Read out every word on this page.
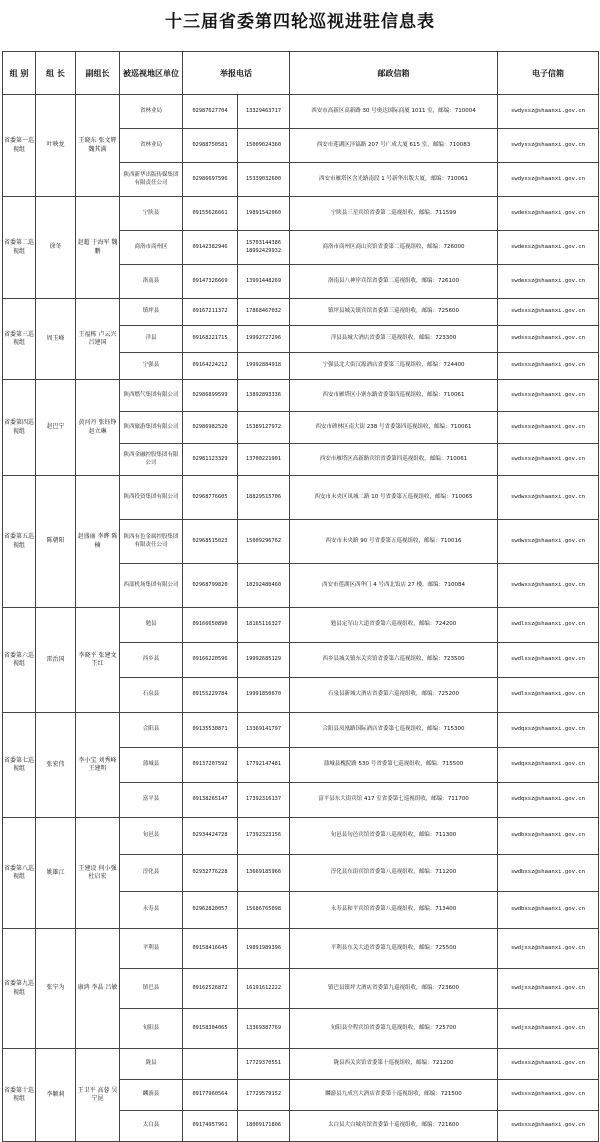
十三届省委第四轮巡视进驻信息表
组 别	组 长	副组长	被巡视地区单位	举报电话		邮政信箱	电子信箱
省委第一巡视组	叶映龙	王晓东 张文辉 魏其满	省林业局	02987627704	13329463717	西安市高新区高新路 30 号奥达国际商厦 1011 室，邮编：710004	swdyxsz@shaanxi.gov.cn
			省林业局	02988750581	15009024360	西安市莲湖区沣镐路 207 号广成大厦 615 室，邮编：710083	swdyxsz@shaanxi.gov.cn
			陕西新华出版传媒集团有限责任公司	02986697596	15339032600	西安市雁塔区含光路南段 1 号新华出版大厦，邮编：710061	swdyxsz@shaanxi.gov.cn
省委第二巡视组	徐冬	赵超 于海军 魏鹏	宁陕县	09155626661	19891542060	宁陕县三星宾馆省委第二巡视组收，邮编：711599	swdexsz@shaanxi.gov.cn
			商洛市商州区	09142382946	15703144386 18992429932	商洛市商州区商山宾馆省委第二巡视组收，邮编：726000	swdexsz@shaanxi.gov.cn
			洛南县	09147326669	13991448269	洛南县八神岸宾馆省委第二巡视组收，邮编：726100	swdexsz@shaanxi.gov.cn
省委第三巡视组	周玉峰	王福栋 卢云兴 吕建国	镇坪县	09167211372	17868467032	镇坪县城关镇宾馆省委第三巡视组收，邮编：725600	swdsxsz@shaanxi.gov.cn
			洋县	09168221715	19992727296	洋县县城大酒店省委第三巡视组收，邮编：723300	swdsxsz@shaanxi.gov.cn
			宁强县	09164224212	19992884918	宁强县北大街汉源酒店省委第三巡视组收，邮编：724400	swdsxsz@shaanxi.gov.cn
省委第四巡视组	赵巴宁	黄河丹 张钰铮 赵立琳	陕西燃气集团有限公司	02986899599	13892893336	西安市雁塔区小寨东路省委第四巡视组收，邮编：710061	swdsxsz@shaanxi.gov.cn
			陕西旅游集团有限公司	02986982520	15389127972	西安市碑林区南大街 238 号省委第四巡视组收，邮编：710061	swdsxsz@shaanxi.gov.cn
			陕西金融控股集团有限公司	02981123329	13700221901	西安市雁塔区高新路宾馆省委第四巡视组收，邮编：710061	swdsxsz@shaanxi.gov.cn
省委第五巡视组	陈朝阳	赵盛丽 李晔 陈楠	陕西投资集团有限公司	02968776605	18829515706	西安市未央区凤城二路 10 号省委第五巡视组收，邮编：710065	swdwxsz@shaanxi.gov.cn
			陕西有色金属控股集团有限责任公司	02968515023	15009296762	西安市未央路 90 号省委第五巡视组收，邮编：710016	swdwxsz@shaanxi.gov.cn
			西部机场集团有限公司	02968799820	18292480460	西安市莲湖区西华门 4 号西北饭店 27 楼，邮编：710084	swdwxsz@shaanxi.gov.cn
省委第六巡视组	雷治国	李晓平 张建文 王红	勉县	09166650890	18165116327	勉县定军山大道省委第六巡视组收，邮编：724200	swdlxsz@shaanxi.gov.cn
			西乡县	09166220596	19992685129	西乡县城关镇东关宾馆省委第六巡视组收，邮编：723500	swdlxsz@shaanxi.gov.cn
			石泉县	09155229784	19991850670	石泉县新城大酒店省委第六巡视组收，邮编：725200	swdlxsz@shaanxi.gov.cn
省委第七巡视组	张宏伟	李小宝 刘秀峰 王建明	合阳县	09135530871	13369141797	合阳县凤凰路国际酒店省委第七巡视组收，邮编：715300	swdqxsz@shaanxi.gov.cn
			蒲城县	09137207592	17792147481	蒲城县槐院路 530 号省委第七巡视组收，邮编：715500	swdqxsz@shaanxi.gov.cn
			富平县	09138265147	17392316137	富平县东大街宾馆 417 室省委第七巡视组收，邮编：711700	swdqxsz@shaanxi.gov.cn
省委第八巡视组	姚雄江	王建设 何小强 杜启宏	旬邑县	02934424728	17392323156	旬邑县旬邑宾馆省委第八巡视组收，邮编：711300	swdbxsz@shaanxi.gov.cn
			淳化县	02932776228	13669185966	淳化县东街宾馆省委第八巡视组收，邮编：711200	swdbxsz@shaanxi.gov.cn
			永寿县	02962820057	15686765098	永寿县和平宾馆省委第八巡视组收，邮编：713400	swdbxsz@shaanxi.gov.cn
省委第九巡视组	张宁为	康鸿 李晶 吕敏	平利县	09158416645	19891989396	平利县东关大道省委第九巡视组收，邮编：725500	swdjxsz@shaanxi.gov.cn
			镇巴县	09162526872	16191612222	镇巴县镇坪大酒店省委第九巡视组收，邮编：723600	swdjxsz@shaanxi.gov.cn
			旬阳县	09158304065	13369387769	旬阳县全程宾馆省委第九巡视组收，邮编：725700	swdjxsz@shaanxi.gov.cn
省委第十巡视组	李颖莉	王卫平 高蓉 吴宁昆	陇县		17729370551	陇县西关宾馆省委第十巡视组收，邮编：721200	swdsxsz@shaanxi.gov.cn
			麟游县	09177960564	17729579152	麟游县九成宫大酒店省委第十巡视组收，邮编：721500	swdsxsz@shaanxi.gov.cn
			太白县	09174957961	18009171806	太白县大白城宾馆省委第十巡视组收，邮编：721600	swdsxsz@shaanxi.gov.cn
